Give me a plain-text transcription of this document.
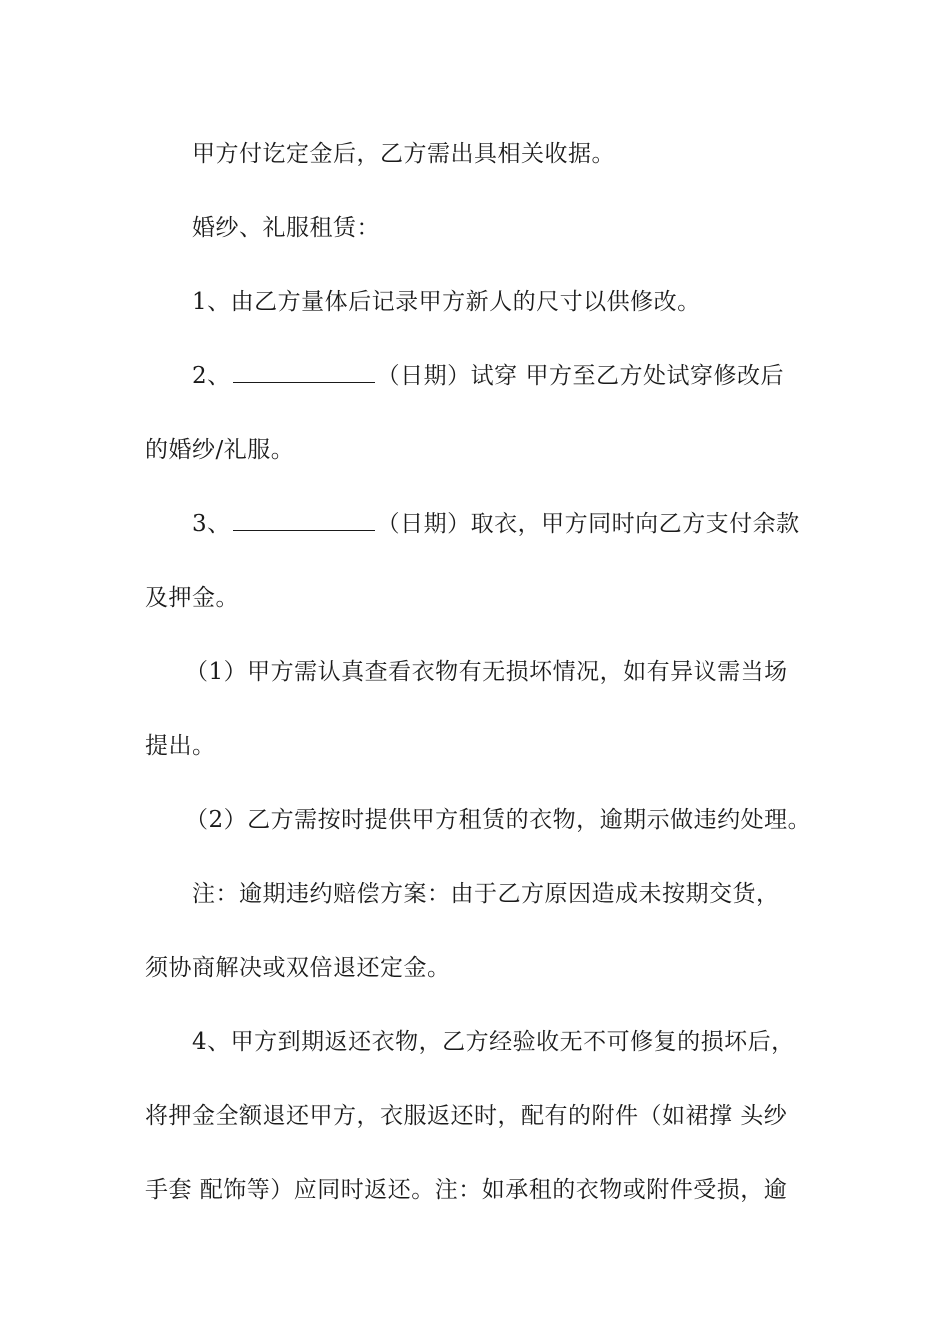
甲方付讫定金后，乙方需出具相关收据。
婚纱、礼服租赁：
1、由乙方量体后记录甲方新人的尺寸以供修改。
2、	（日期）试穿 甲方至乙方处试穿修改后
的婚纱/礼服。
3、	（日期）取衣，甲方同时向乙方支付余款
及押金。
（1）甲方需认真查看衣物有无损坏情况，如有异议需当场
提出。
（2）乙方需按时提供甲方租赁的衣物，逾期示做违约处理。
注：逾期违约赔偿方案：由于乙方原因造成未按期交货，
须协商解决或双倍退还定金。
4、甲方到期返还衣物，乙方经验收无不可修复的损坏后，
将押金全额退还甲方，衣服返还时，配有的附件（如裙撑 头纱
手套 配饰等）应同时返还。注：如承租的衣物或附件受损，逾
